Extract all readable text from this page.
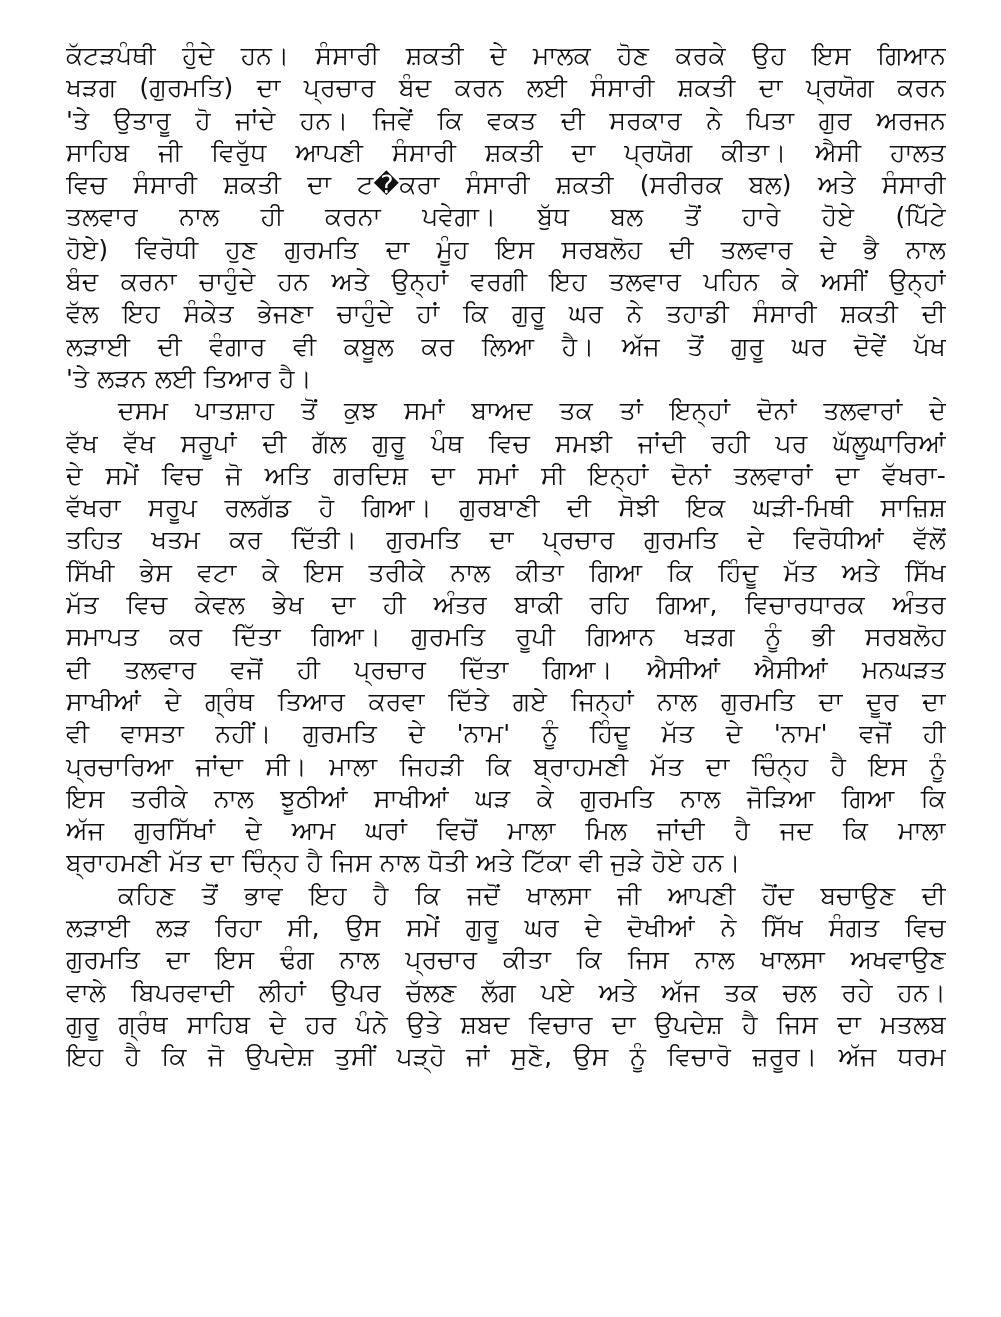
ਕੱਟੜਪੰਥੀ ਹੁੰਦੇ ਹਨ। ਸੰਸਾਰੀ ਸ਼ਕਤੀ ਦੇ ਮਾਲਕ ਹੋਣ ਕਰਕੇ ਉਹ ਇਸ ਗਿਆਨ
ਖੜਗ (ਗੁਰਮਤਿ) ਦਾ ਪ੍ਰਚਾਰ ਬੰਦ ਕਰਨ ਲਈ ਸੰਸਾਰੀ ਸ਼ਕਤੀ ਦਾ ਪ੍ਰਯੋਗ ਕਰਨ
'ਤੇ ਉਤਾਰੂ ਹੋ ਜਾਂਦੇ ਹਨ। ਜਿਵੇਂ ਕਿ ਵਕਤ ਦੀ ਸਰਕਾਰ ਨੇ ਪਿਤਾ ਗੁਰ ਅਰਜਨ
ਸਾਹਿਬ ਜੀ ਵਿਰੁੱਧ ਆਪਣੀ ਸੰਸਾਰੀ ਸ਼ਕਤੀ ਦਾ ਪ੍ਰਯੋਗ ਕੀਤਾ। ਐਸੀ ਹਾਲਤ
ਵਿਚ ਸੰਸਾਰੀ ਸ਼ਕਤੀ ਦਾ ਟ�ਕਰਾ ਸੰਸਾਰੀ ਸ਼ਕਤੀ (ਸਰੀਰਕ ਬਲ) ਅਤੇ ਸੰਸਾਰੀ
ਤਲਵਾਰ ਨਾਲ ਹੀ ਕਰਨਾ ਪਵੇਗਾ। ਬੁੱਧ ਬਲ ਤੋਂ ਹਾਰੇ ਹੋਏ (ਪਿੱਟੇ
ਹੋਏ) ਵਿਰੋਧੀ ਹੁਣ ਗੁਰਮਤਿ ਦਾ ਮੂੰਹ ਇਸ ਸਰਬਲੋਹ ਦੀ ਤਲਵਾਰ ਦੇ ਭੈ ਨਾਲ
ਬੰਦ ਕਰਨਾ ਚਾਹੁੰਦੇ ਹਨ ਅਤੇ ਉਨ੍ਹਾਂ ਵਰਗੀ ਇਹ ਤਲਵਾਰ ਪਹਿਨ ਕੇ ਅਸੀਂ ਉਨ੍ਹਾਂ
ਵੱਲ ਇਹ ਸੰਕੇਤ ਭੇਜਣਾ ਚਾਹੁੰਦੇ ਹਾਂ ਕਿ ਗੁਰੂ ਘਰ ਨੇ ਤਹਾਡੀ ਸੰਸਾਰੀ ਸ਼ਕਤੀ ਦੀ
ਲੜਾਈ ਦੀ ਵੰਗਾਰ ਵੀ ਕਬੂਲ ਕਰ ਲਿਆ ਹੈ। ਅੱਜ ਤੋਂ ਗੁਰੂ ਘਰ ਦੋਵੇਂ ਪੱਖ
'ਤੇ ਲੜਨ ਲਈ ਤਿਆਰ ਹੈ।
ਦਸਮ ਪਾਤਸ਼ਾਹ ਤੋਂ ਕੁਝ ਸਮਾਂ ਬਾਅਦ ਤਕ ਤਾਂ ਇਨ੍ਹਾਂ ਦੋਨਾਂ ਤਲਵਾਰਾਂ ਦੇ
ਵੱਖ ਵੱਖ ਸਰੂਪਾਂ ਦੀ ਗੱਲ ਗੁਰੂ ਪੰਥ ਵਿਚ ਸਮਝੀ ਜਾਂਦੀ ਰਹੀ ਪਰ ਘੱਲੂਘਾਰਿਆਂ
ਦੇ ਸਮੇਂ ਵਿਚ ਜੋ ਅਤਿ ਗਰਦਿਸ਼ ਦਾ ਸਮਾਂ ਸੀ ਇਨ੍ਹਾਂ ਦੋਨਾਂ ਤਲਵਾਰਾਂ ਦਾ ਵੱਖਰਾ-
ਵੱਖਰਾ ਸਰੂਪ ਰਲਗੱਡ ਹੋ ਗਿਆ। ਗੁਰਬਾਣੀ ਦੀ ਸੋਝੀ ਇਕ ਘੜੀ-ਮਿਥੀ ਸਾਜ਼ਿਸ਼
ਤਹਿਤ ਖਤਮ ਕਰ ਦਿੱਤੀ। ਗੁਰਮਤਿ ਦਾ ਪ੍ਰਚਾਰ ਗੁਰਮਤਿ ਦੇ ਵਿਰੋਧੀਆਂ ਵੱਲੋਂ
ਸਿੱਖੀ ਭੇਸ ਵਟਾ ਕੇ ਇਸ ਤਰੀਕੇ ਨਾਲ ਕੀਤਾ ਗਿਆ ਕਿ ਹਿੰਦੂ ਮੱਤ ਅਤੇ ਸਿੱਖ
ਮੱਤ ਵਿਚ ਕੇਵਲ ਭੇਖ ਦਾ ਹੀ ਅੰਤਰ ਬਾਕੀ ਰਹਿ ਗਿਆ, ਵਿਚਾਰਧਾਰਕ ਅੰਤਰ
ਸਮਾਪਤ ਕਰ ਦਿੱਤਾ ਗਿਆ। ਗੁਰਮਤਿ ਰੂਪੀ ਗਿਆਨ ਖੜਗ ਨੂੰ ਭੀ ਸਰਬਲੋਹ
ਦੀ ਤਲਵਾਰ ਵਜੋਂ ਹੀ ਪ੍ਰਚਾਰ ਦਿੱਤਾ ਗਿਆ। ਐਸੀਆਂ ਐਸੀਆਂ ਮਨਘੜਤ
ਸਾਖੀਆਂ ਦੇ ਗ੍ਰੰਥ ਤਿਆਰ ਕਰਵਾ ਦਿੱਤੇ ਗਏ ਜਿਨ੍ਹਾਂ ਨਾਲ ਗੁਰਮਤਿ ਦਾ ਦੂਰ ਦਾ
ਵੀ ਵਾਸਤਾ ਨਹੀਂ। ਗੁਰਮਤਿ ਦੇ 'ਨਾਮ' ਨੂੰ ਹਿੰਦੂ ਮੱਤ ਦੇ 'ਨਾਮ' ਵਜੋਂ ਹੀ
ਪ੍ਰਚਾਰਿਆ ਜਾਂਦਾ ਸੀ। ਮਾਲਾ ਜਿਹੜੀ ਕਿ ਬ੍ਰਾਹਮਣੀ ਮੱਤ ਦਾ ਚਿੰਨ੍ਹ ਹੈ ਇਸ ਨੂੰ
ਇਸ ਤਰੀਕੇ ਨਾਲ ਝੂਠੀਆਂ ਸਾਖੀਆਂ ਘੜ ਕੇ ਗੁਰਮਤਿ ਨਾਲ ਜੋੜਿਆ ਗਿਆ ਕਿ
ਅੱਜ ਗੁਰਸਿੱਖਾਂ ਦੇ ਆਮ ਘਰਾਂ ਵਿਚੋਂ ਮਾਲਾ ਮਿਲ ਜਾਂਦੀ ਹੈ ਜਦ ਕਿ ਮਾਲਾ
ਬ੍ਰਾਹਮਣੀ ਮੱਤ ਦਾ ਚਿੰਨ੍ਹ ਹੈ ਜਿਸ ਨਾਲ ਧੋਤੀ ਅਤੇ ਟਿੱਕਾ ਵੀ ਜੁੜੇ ਹੋਏ ਹਨ।
ਕਹਿਣ ਤੋਂ ਭਾਵ ਇਹ ਹੈ ਕਿ ਜਦੋਂ ਖਾਲਸਾ ਜੀ ਆਪਣੀ ਹੋਂਦ ਬਚਾਉਣ ਦੀ
ਲੜਾਈ ਲੜ ਰਿਹਾ ਸੀ, ਉਸ ਸਮੇਂ ਗੁਰੂ ਘਰ ਦੇ ਦੋਖੀਆਂ ਨੇ ਸਿੱਖ ਸੰਗਤ ਵਿਚ
ਗੁਰਮਤਿ ਦਾ ਇਸ ਢੰਗ ਨਾਲ ਪ੍ਰਚਾਰ ਕੀਤਾ ਕਿ ਜਿਸ ਨਾਲ ਖਾਲਸਾ ਅਖਵਾਉਣ
ਵਾਲੇ ਬਿਪਰਵਾਦੀ ਲੀਹਾਂ ਉਪਰ ਚੱਲਣ ਲੱਗ ਪਏ ਅਤੇ ਅੱਜ ਤਕ ਚਲ ਰਹੇ ਹਨ।
ਗੁਰੂ ਗ੍ਰੰਥ ਸਾਹਿਬ ਦੇ ਹਰ ਪੰਨੇ ਉਤੇ ਸ਼ਬਦ ਵਿਚਾਰ ਦਾ ਉਪਦੇਸ਼ ਹੈ ਜਿਸ ਦਾ ਮਤਲਬ
ਇਹ ਹੈ ਕਿ ਜੋ ਉਪਦੇਸ਼ ਤੁਸੀਂ ਪੜ੍ਹੋ ਜਾਂ ਸੁਣੋ, ਉਸ ਨੂੰ ਵਿਚਾਰੋ ਜ਼ਰੂਰ। ਅੱਜ ਧਰਮ
